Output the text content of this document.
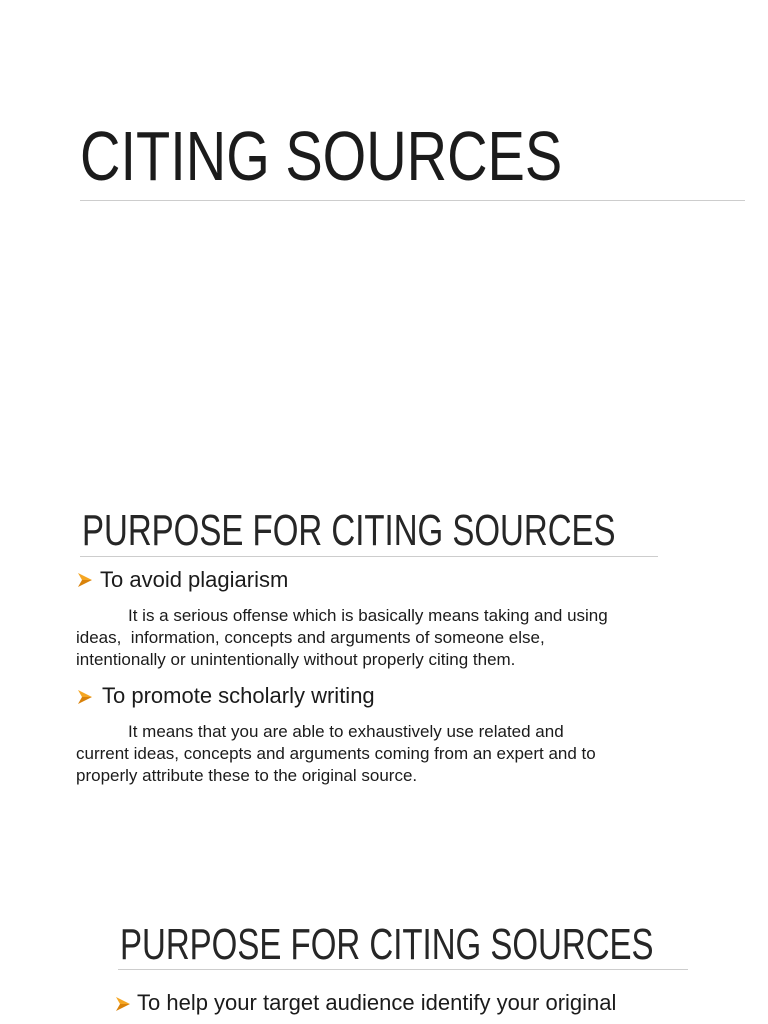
CITING SOURCES
PURPOSE FOR CITING SOURCES
To avoid plagiarism
It is a serious offense which is basically means taking and using
ideas,  information, concepts and arguments of someone else,
intentionally or unintentionally without properly citing them.
To promote scholarly writing
It means that you are able to exhaustively use related and
current ideas, concepts and arguments coming from an expert and to
properly attribute these to the original source.
PURPOSE FOR CITING SOURCES
To help your target audience identify your original
